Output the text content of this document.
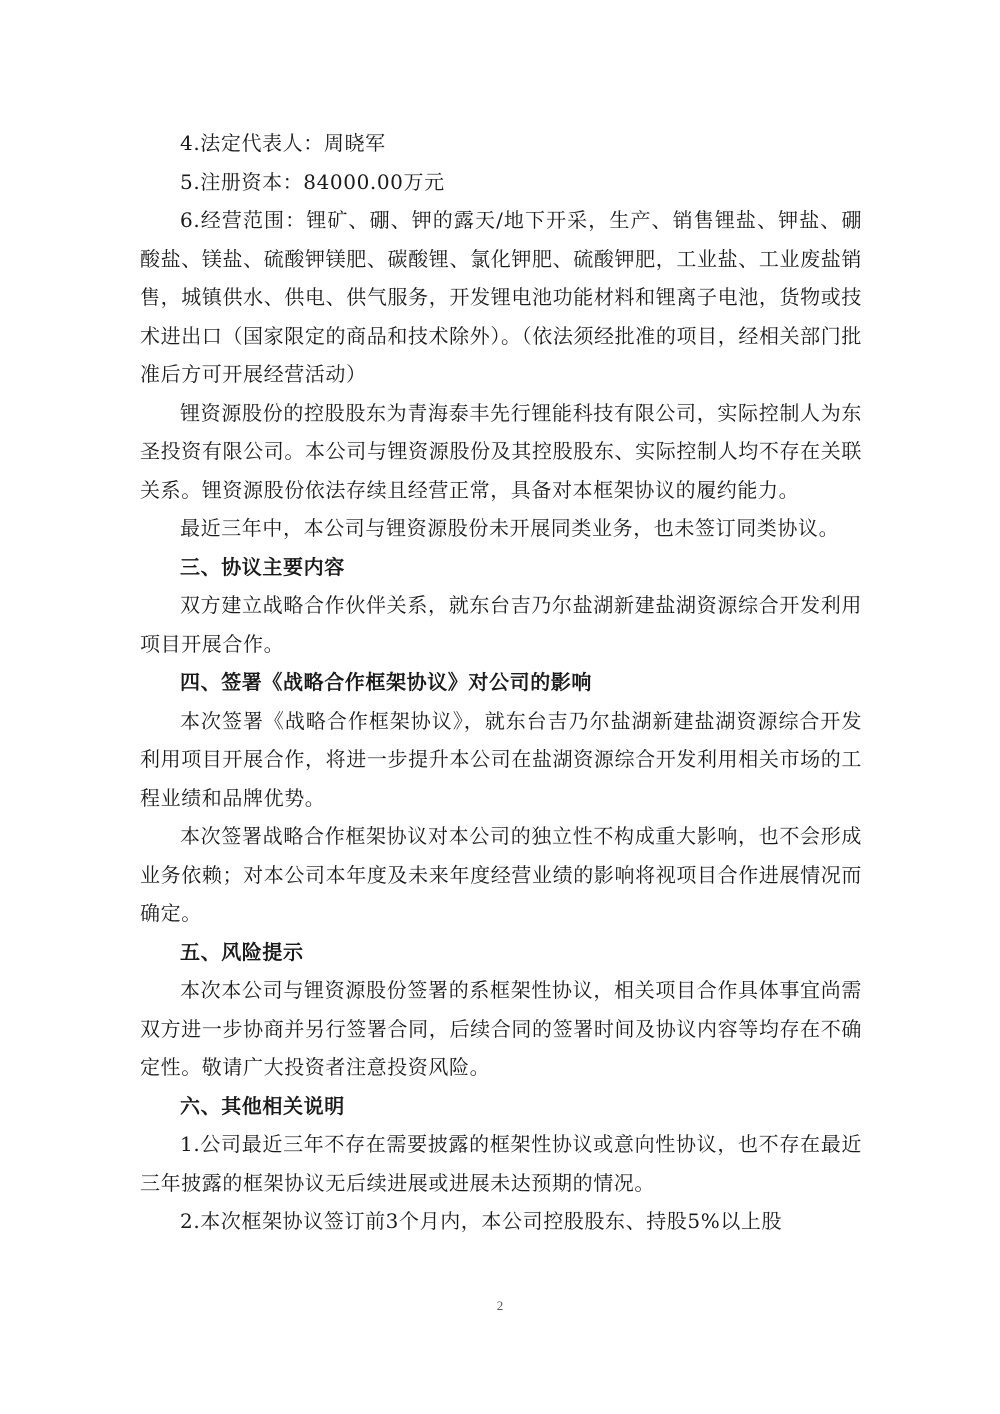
4.法定代表人：周晓军

5.注册资本：84000.00万元

6.经营范围：锂矿、硼、钾的露天/地下开采，生产、销售锂盐、钾盐、硼酸盐、镁盐、硫酸钾镁肥、碳酸锂、氯化钾肥、硫酸钾肥，工业盐、工业废盐销售，城镇供水、供电、供气服务，开发锂电池功能材料和锂离子电池，货物或技术进出口（国家限定的商品和技术除外）。（依法须经批准的项目，经相关部门批准后方可开展经营活动）

锂资源股份的控股股东为青海泰丰先行锂能科技有限公司，实际控制人为东圣投资有限公司。本公司与锂资源股份及其控股股东、实际控制人均不存在关联关系。锂资源股份依法存续且经营正常，具备对本框架协议的履约能力。

最近三年中，本公司与锂资源股份未开展同类业务，也未签订同类协议。

三、协议主要内容

双方建立战略合作伙伴关系，就东台吉乃尔盐湖新建盐湖资源综合开发利用项目开展合作。

四、签署《战略合作框架协议》对公司的影响

本次签署《战略合作框架协议》，就东台吉乃尔盐湖新建盐湖资源综合开发利用项目开展合作，将进一步提升本公司在盐湖资源综合开发利用相关市场的工程业绩和品牌优势。

本次签署战略合作框架协议对本公司的独立性不构成重大影响，也不会形成业务依赖；对本公司本年度及未来年度经营业绩的影响将视项目合作进展情况而确定。

五、风险提示

本次本公司与锂资源股份签署的系框架性协议，相关项目合作具体事宜尚需双方进一步协商并另行签署合同，后续合同的签署时间及协议内容等均存在不确定性。敬请广大投资者注意投资风险。

六、其他相关说明

1.公司最近三年不存在需要披露的框架性协议或意向性协议，也不存在最近三年披露的框架协议无后续进展或进展未达预期的情况。

2.本次框架协议签订前3个月内，本公司控股股东、持股5%以上股

2
